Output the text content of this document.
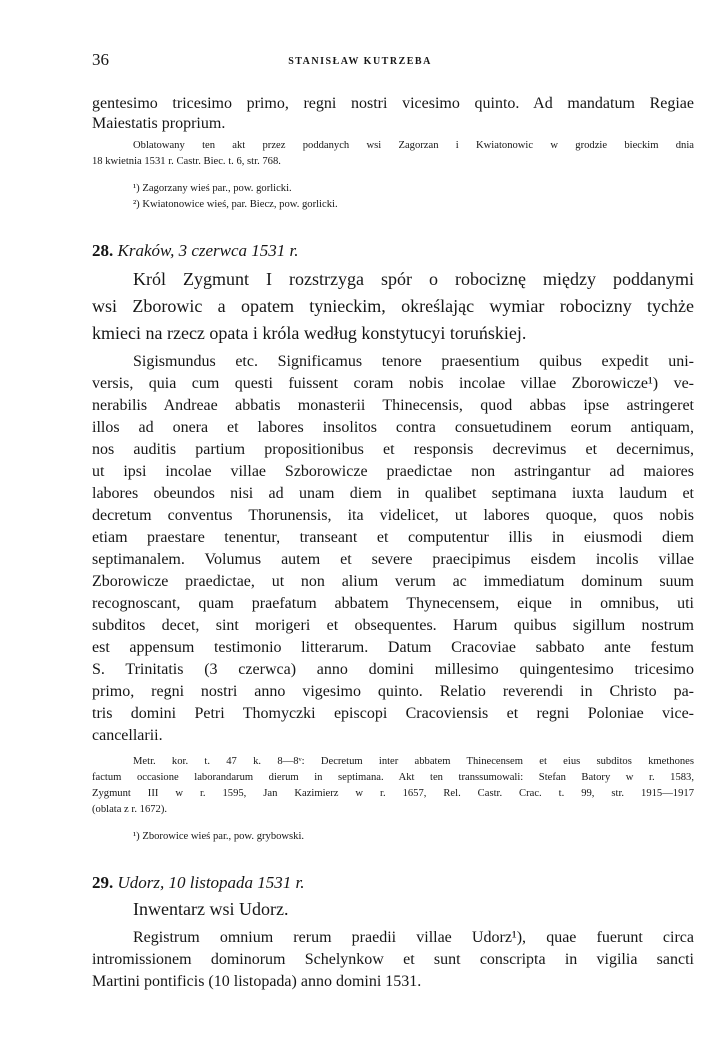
36	STANISŁAW KUTRZEBA
gentesimo tricesimo primo, regni nostri vicesimo quinto. Ad mandatum Regiae
Maiestatis proprium.
Oblatowany ten akt przez poddanych wsi Zagorzan i Kwiatonowic w grodzie bieckim dnia
18 kwietnia 1531 r. Castr. Biec. t. 6, str. 768.
¹) Zagorzany wieś par., pow. gorlicki.
²) Kwiatonowice wieś, par. Biecz, pow. gorlicki.
28. Kraków, 3 czerwca 1531 r.
Król Zygmunt I rozstrzyga spór o robociznę między poddanymi
wsi Zborowic a opatem tynieckim, określając wymiar robocizny tychże
kmieci na rzecz opata i króla według konstytucyi toruńskiej.
Sigismundus etc. Significamus tenore praesentium quibus expedit uni-
versis, quia cum questi fuissent coram nobis incolae villae Zborowicze¹) ve-
nerabilis Andreae abbatis monasterii Thinecensis, quod abbas ipse astringeret
illos ad onera et labores insolitos contra consuetudinem eorum antiquam,
nos auditis partium propositionibus et responsis decrevimus et decernimus,
ut ipsi incolae villae Szborowicze praedictae non astringantur ad maiores
labores obeundos nisi ad unam diem in qualibet septimana iuxta laudum et
decretum conventus Thorunensis, ita videlicet, ut labores quoque, quos nobis
etiam praestare tenentur, transeant et computentur illis in eiusmodi diem
septimanalem. Volumus autem et severe praecipimus eisdem incolis villae
Zborowicze praedictae, ut non alium verum ac immediatum dominum suum
recognoscant, quam praefatum abbatem Thynecensem, eique in omnibus, uti
subditos decet, sint morigeri et obsequentes. Harum quibus sigillum nostrum
est appensum testimonio litterarum. Datum Cracoviae sabbato ante festum
S. Trinitatis (3 czerwca) anno domini millesimo quingentesimo tricesimo
primo, regni nostri anno vigesimo quinto. Relatio reverendi in Christo pa-
tris domini Petri Thomyczki episcopi Cracoviensis et regni Poloniae vice-
cancellarii.
Metr. kor. t. 47 k. 8—8ᵛ: Decretum inter abbatem Thinecensem et eius subditos kmethones
factum occasione laborandarum dierum in septimana. Akt ten transsumowali: Stefan Batory w r. 1583,
Zygmunt III w r. 1595, Jan Kazimierz w r. 1657, Rel. Castr. Crac. t. 99, str. 1915—1917
(oblata z r. 1672).
¹) Zborowice wieś par., pow. grybowski.
29. Udorz, 10 listopada 1531 r.
Inwentarz wsi Udorz.
Registrum omnium rerum praedii villae Udorz¹), quae fuerunt circa
intromissionem dominorum Schelynkow et sunt conscripta in vigilia sancti
Martini pontificis (10 listopada) anno domini 1531.
